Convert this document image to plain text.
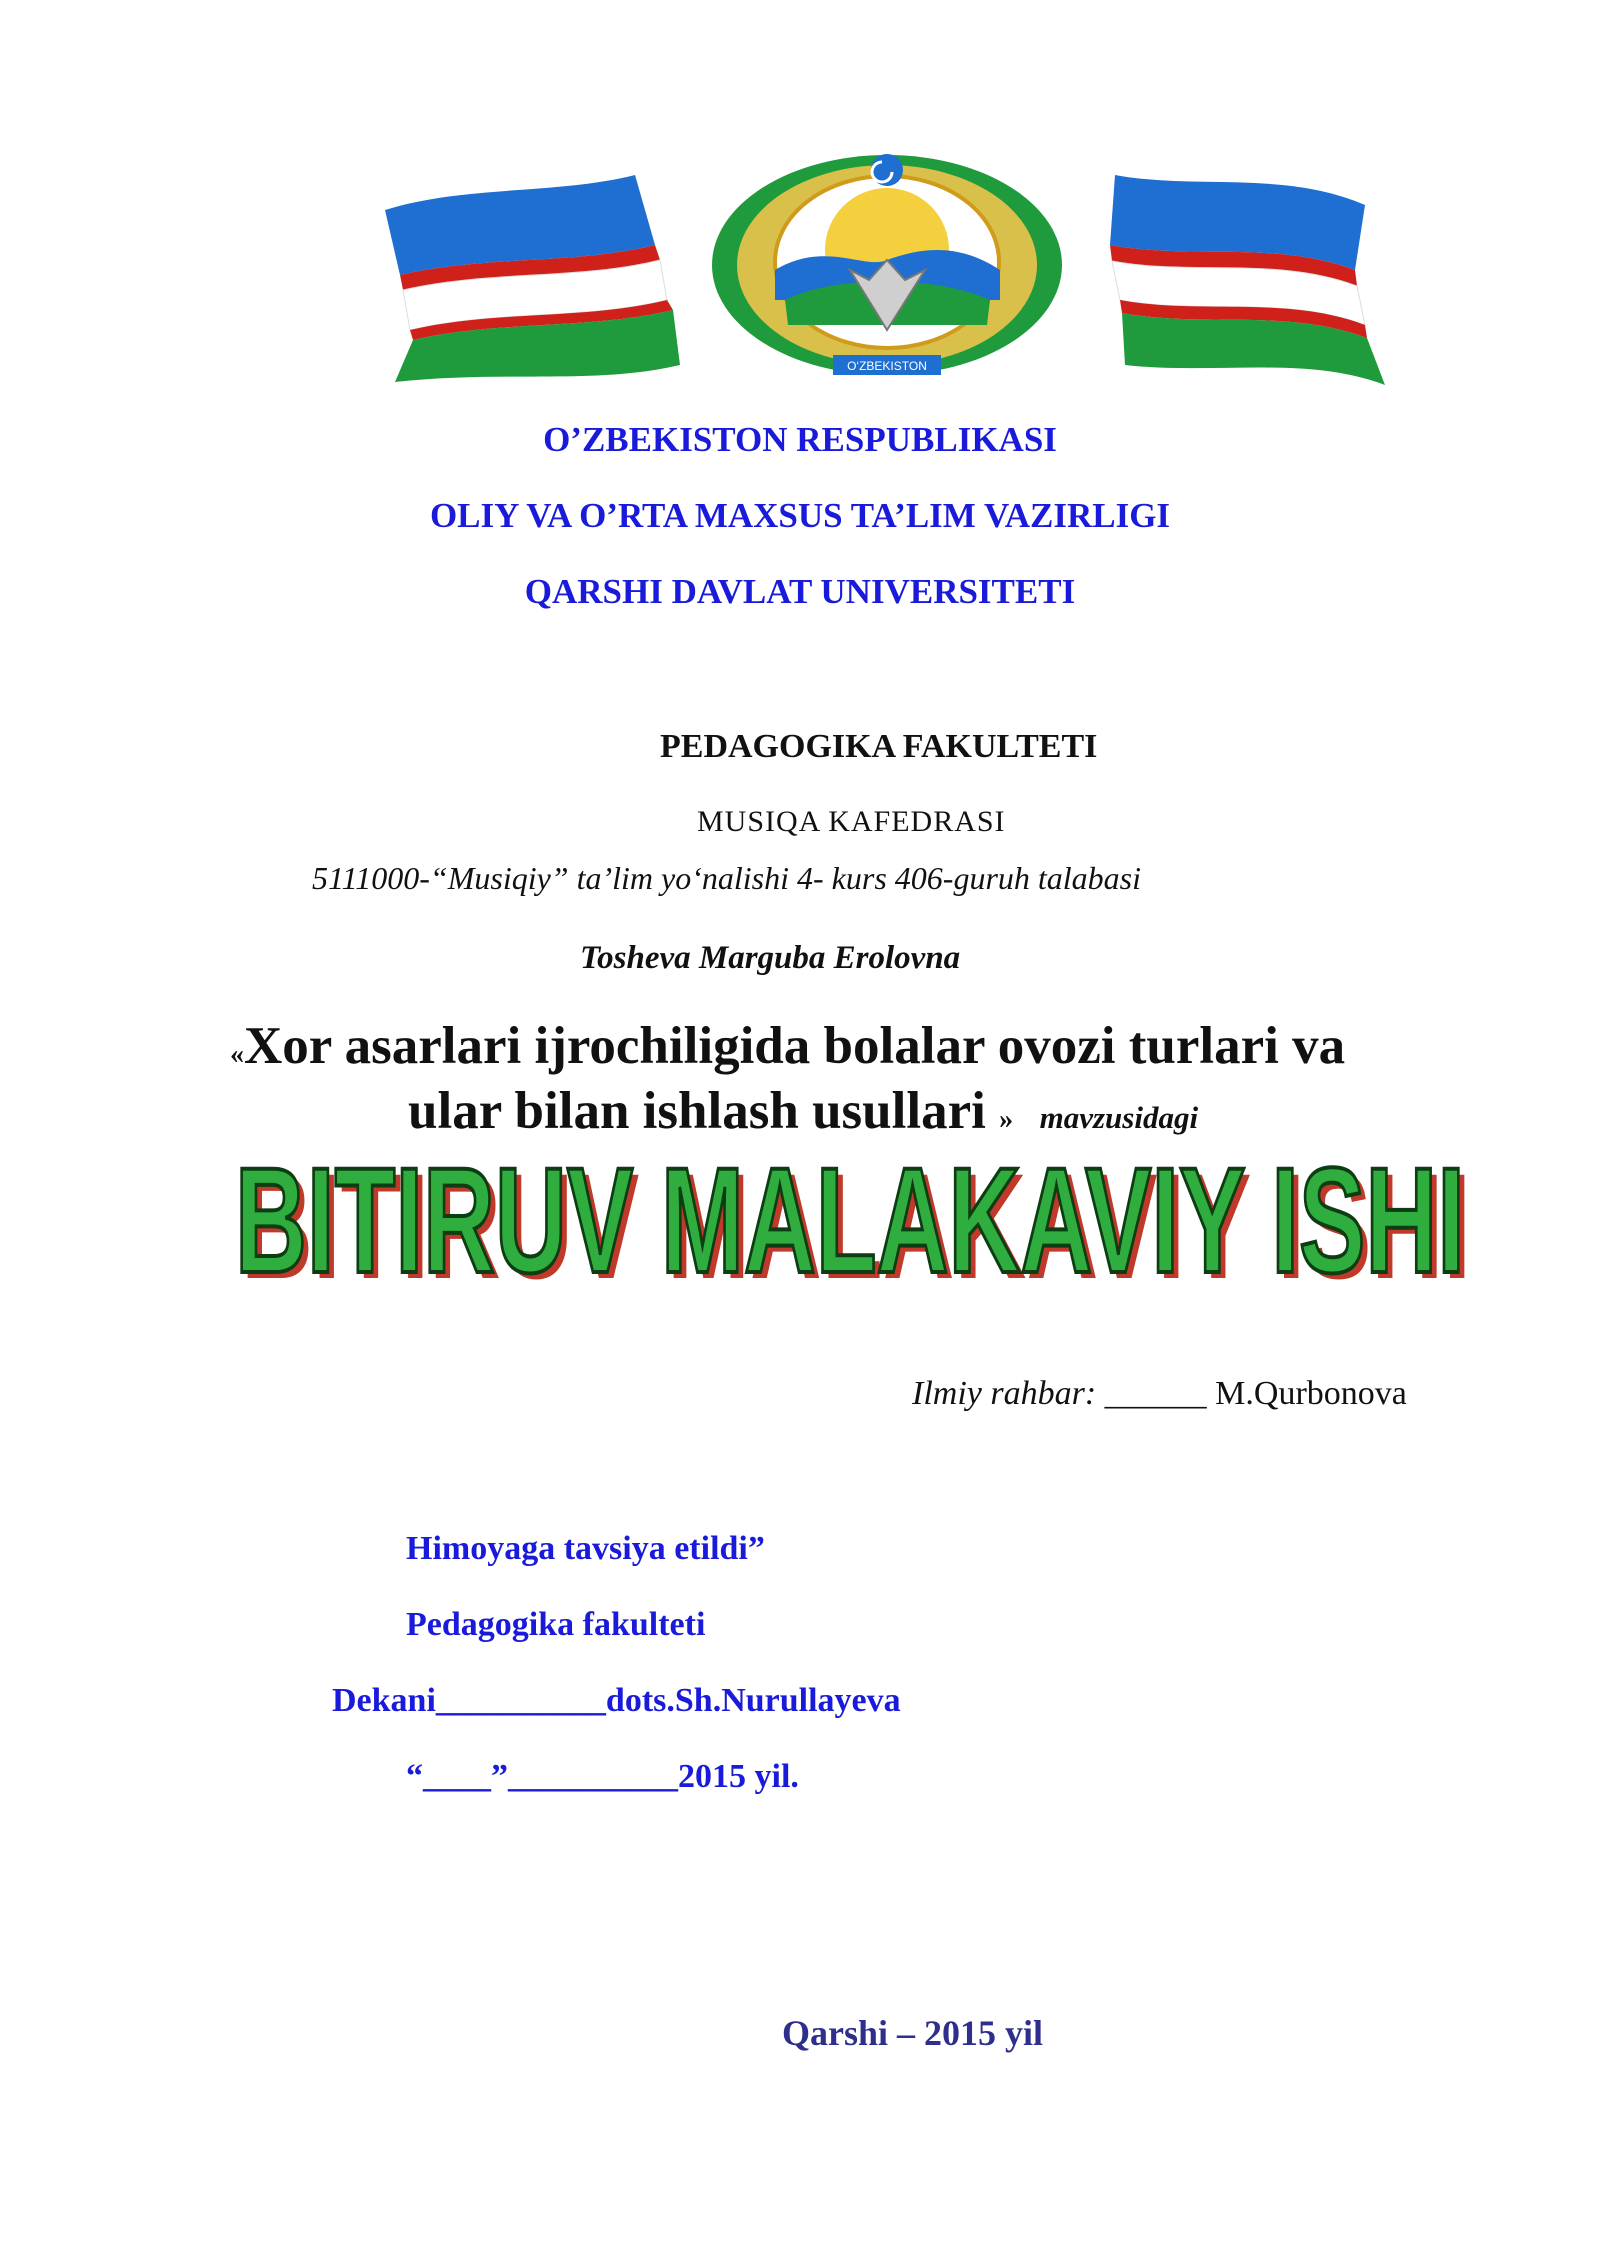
O‘ZBEKISTON
O’ZBEKISTON RESPUBLIKASI
OLIY VA O’RTA MAXSUS TA’LIM VAZIRLIGI
QARSHI DAVLAT UNIVERSITETI
PEDAGOGIKA FAKULTETI
MUSIQA KAFEDRASI
5111000-“Musiqiy” ta’lim yo‘nalishi 4- kurs 406-guruh talabasi
Tosheva Marguba Erolovna
«Xor asarlari ijrochiligida bolalar ovozi turlari va
ular bilan ishlash usullari » mavzusidagi
BITIRUV MALAKAVIY ISHI
BITIRUV MALAKAVIY ISHI
Ilmiy rahbar: ______ M.Qurbonova
Himoyaga tavsiya etildi”
Pedagogika fakulteti
Dekani__________dots.Sh.Nurullayeva
“____”__________2015 yil.
Qarshi – 2015 yil
